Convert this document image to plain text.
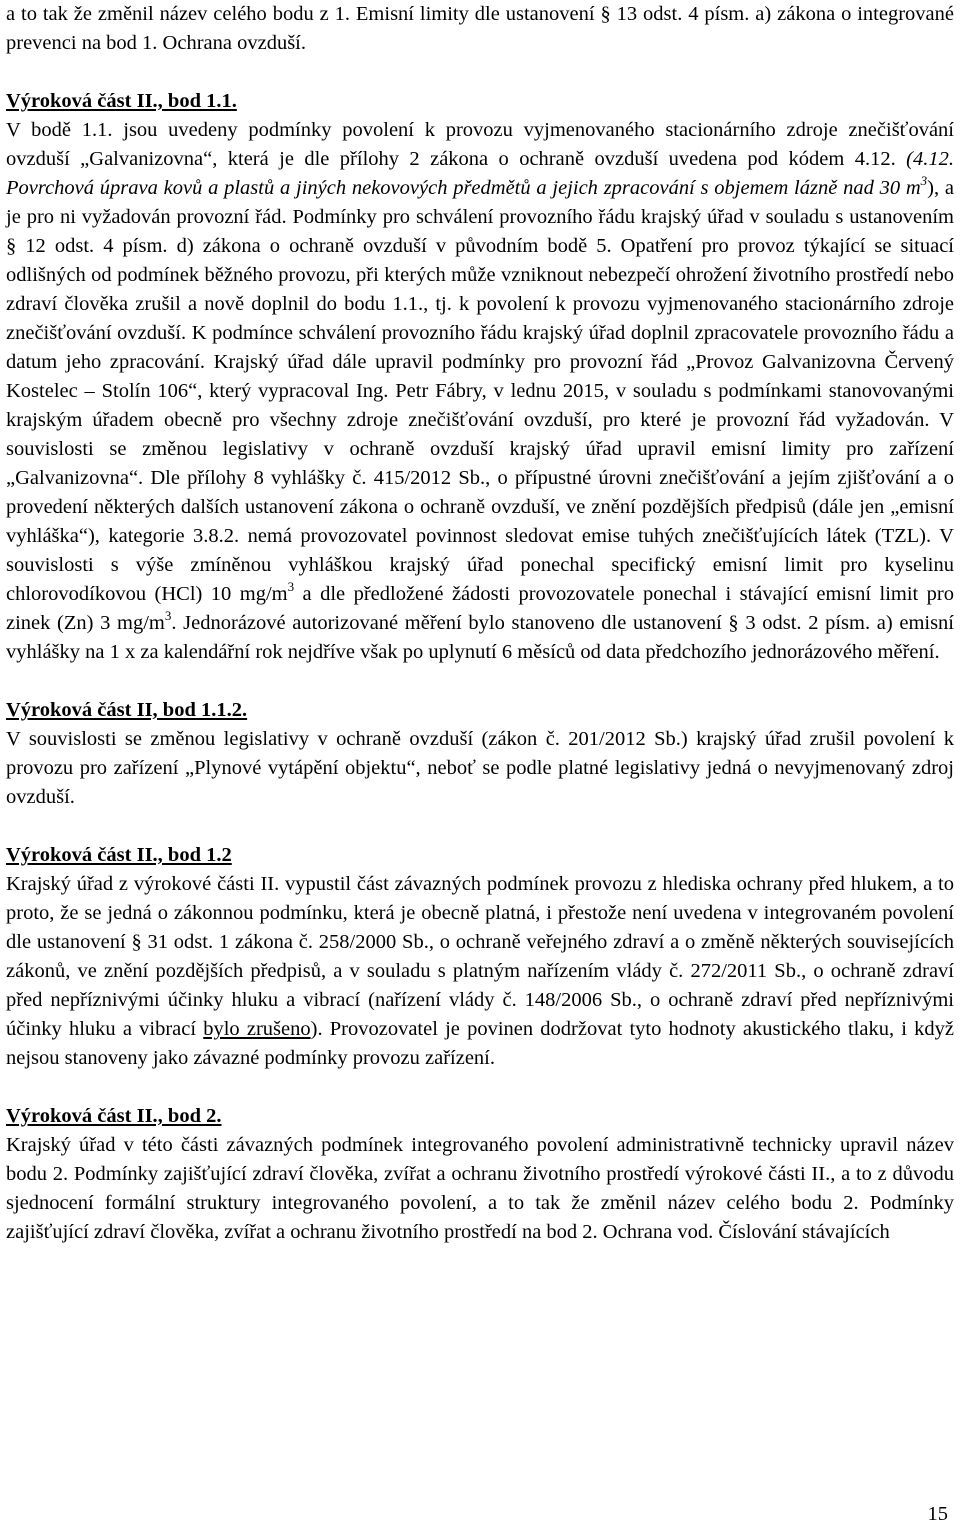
a to tak že změnil název celého bodu z 1. Emisní limity dle ustanovení § 13 odst. 4 písm. a) zákona o integrované prevenci na bod 1. Ochrana ovzduší.

Výroková část II., bod 1.1.

V bodě 1.1. jsou uvedeny podmínky povolení k provozu vyjmenovaného stacionárního zdroje znečišťování ovzduší „Galvanizovna“, která je dle přílohy 2 zákona o ochraně ovzduší uvedena pod kódem 4.12. (4.12. Povrchová úprava kovů a plastů a jiných nekovových předmětů a jejich zpracování s objemem lázně nad 30 $m^3$), a je pro ni vyžadován provozní řád. Podmínky pro schválení provozního řádu krajský úřad v souladu s ustanovením § 12 odst. 4 písm. d) zákona o ochraně ovzduší v původním bodě 5. Opatření pro provoz týkající se situací odlišných od podmínek běžného provozu, při kterých může vzniknout nebezpečí ohrožení životního prostředí nebo zdraví člověka zrušil a nově doplnil do bodu 1.1., tj. k povolení k provozu vyjmenovaného stacionárního zdroje znečišťování ovzduší. K podmínce schválení provozního řádu krajský úřad doplnil zpracovatele provozního řádu a datum jeho zpracování. Krajský úřad dále upravil podmínky pro provozní řád „Provoz Galvanizovna Červený Kostelec – Stolín 106“, který vypracoval Ing. Petr Fábry, v lednu 2015, v souladu s podmínkami stanovovanými krajským úřadem obecně pro všechny zdroje znečišťování ovzduší, pro které je provozní řád vyžadován. V souvislosti se změnou legislativy v ochraně ovzduší krajský úřad upravil emisní limity pro zařízení „Galvanizovna“. Dle přílohy 8 vyhlášky č. 415/2012 Sb., o přípustné úrovni znečišťování a jejím zjišťování a o provedení některých dalších ustanovení zákona o ochraně ovzduší, ve znění pozdějších předpisů (dále jen „emisní vyhláška“), kategorie 3.8.2. nemá provozovatel povinnost sledovat emise tuhých znečišťujících látek (TZL). V souvislosti s výše zmíněnou vyhláškou krajský úřad ponechal specifický emisní limit pro kyselinu chlorovodíkovou (HCl) 10 $mg/m^3$ a dle předložené žádosti provozovatele ponechal i stávající emisní limit pro zinek (Zn) 3 $mg/m^3$. Jednorázové autorizované měření bylo stanoveno dle ustanovení § 3 odst. 2 písm. a) emisní vyhlášky na 1 x za kalendářní rok nejdříve však po uplynutí 6 měsíců od data předchozího jednorázového měření.

Výroková část II, bod 1.1.2.

V souvislosti se změnou legislativy v ochraně ovzduší (zákon č. 201/2012 Sb.) krajský úřad zrušil povolení k provozu pro zařízení „Plynové vytápění objektu“, neboť se podle platné legislativy jedná o nevyjmenovaný zdroj ovzduší.

Výroková část II., bod 1.2

Krajský úřad z výrokové části II. vypustil část závazných podmínek provozu z hlediska ochrany před hlukem, a to proto, že se jedná o zákonnou podmínku, která je obecně platná, i přestože není uvedena v integrovaném povolení dle ustanovení § 31 odst. 1 zákona č. 258/2000 Sb., o ochraně veřejného zdraví a o změně některých souvisejících zákonů, ve znění pozdějších předpisů, a v souladu s platným nařízením vlády č. 272/2011 Sb., o ochraně zdraví před nepříznivými účinky hluku a vibrací (nařízení vlády č. 148/2006 Sb., o ochraně zdraví před nepříznivými účinky hluku a vibrací bylo zrušeno). Provozovatel je povinen dodržovat tyto hodnoty akustického tlaku, i když nejsou stanoveny jako závazné podmínky provozu zařízení.

Výroková část II., bod 2.

Krajský úřad v této části závazných podmínek integrovaného povolení administrativně technicky upravil název bodu 2. Podmínky zajišťující zdraví člověka, zvířat a ochranu životního prostředí výrokové části II., a to z důvodu sjednocení formální struktury integrovaného povolení, a to tak že změnil název celého bodu 2. Podmínky zajišťující zdraví člověka, zvířat a ochranu životního prostředí na bod 2. Ochrana vod. Číslování stávajících

15
